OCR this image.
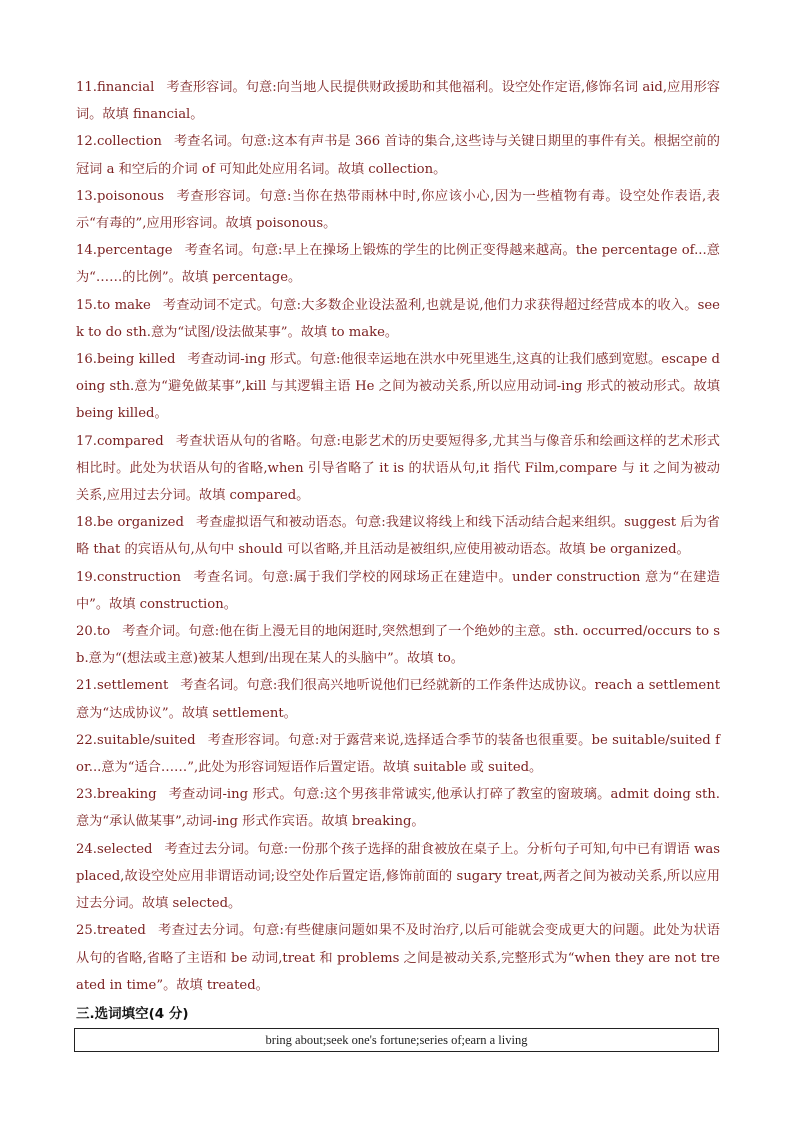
11.financial 考查形容词。句意:向当地人民提供财政援助和其他福利。设空处作定语,修饰名词 aid,应用形容词。故填 financial。
12.collection 考查名词。句意:这本有声书是 366 首诗的集合,这些诗与关键日期里的事件有关。根据空前的冠词 a 和空后的介词 of 可知此处应用名词。故填 collection。
13.poisonous 考查形容词。句意:当你在热带雨林中时,你应该小心,因为一些植物有毒。设空处作表语,表示“有毒的”,应用形容词。故填 poisonous。
14.percentage 考查名词。句意:早上在操场上锻炼的学生的比例正变得越来越高。the percentage of...意为“……的比例”。故填 percentage。
15.to make 考查动词不定式。句意:大多数企业设法盈利,也就是说,他们力求获得超过经营成本的收入。seek to do sth.意为“试图/设法做某事”。故填 to make。
16.being killed 考查动词-ing 形式。句意:他很幸运地在洪水中死里逃生,这真的让我们感到宽慰。escape doing sth.意为“避免做某事”,kill 与其逻辑主语 He 之间为被动关系,所以应用动词-ing 形式的被动形式。故填 being killed。
17.compared 考查状语从句的省略。句意:电影艺术的历史要短得多,尤其当与像音乐和绘画这样的艺术形式相比时。此处为状语从句的省略,when 引导省略了 it is 的状语从句,it 指代 Film,compare 与 it 之间为被动关系,应用过去分词。故填 compared。
18.be organized 考查虚拟语气和被动语态。句意:我建议将线上和线下活动结合起来组织。suggest 后为省略 that 的宾语从句,从句中 should 可以省略,并且活动是被组织,应使用被动语态。故填 be organized。
19.construction 考查名词。句意:属于我们学校的网球场正在建造中。under construction 意为“在建造中”。故填 construction。
20.to 考查介词。句意:他在街上漫无目的地闲逛时,突然想到了一个绝妙的主意。sth. occurred/occurs to sb.意为“(想法或主意)被某人想到/出现在某人的头脑中”。故填 to。
21.settlement 考查名词。句意:我们很高兴地听说他们已经就新的工作条件达成协议。reach a settlement 意为“达成协议”。故填 settlement。
22.suitable/suited 考查形容词。句意:对于露营来说,选择适合季节的装备也很重要。be suitable/suited for...意为“适合……”,此处为形容词短语作后置定语。故填 suitable 或 suited。
23.breaking 考查动词-ing 形式。句意:这个男孩非常诚实,他承认打碎了教室的窗玻璃。admit doing sth.意为“承认做某事”,动词-ing 形式作宾语。故填 breaking。
24.selected 考查过去分词。句意:一份那个孩子选择的甜食被放在桌子上。分析句子可知,句中已有谓语 was placed,故设空处应用非谓语动词;设空处作后置定语,修饰前面的 sugary treat,两者之间为被动关系,所以应用过去分词。故填 selected。
25.treated 考查过去分词。句意:有些健康问题如果不及时治疗,以后可能就会变成更大的问题。此处为状语从句的省略,省略了主语和 be 动词,treat 和 problems 之间是被动关系,完整形式为“when they are not treated in time”。故填 treated。
三.选词填空(4 分)
bring about;seek one's fortune;series of;earn a living
